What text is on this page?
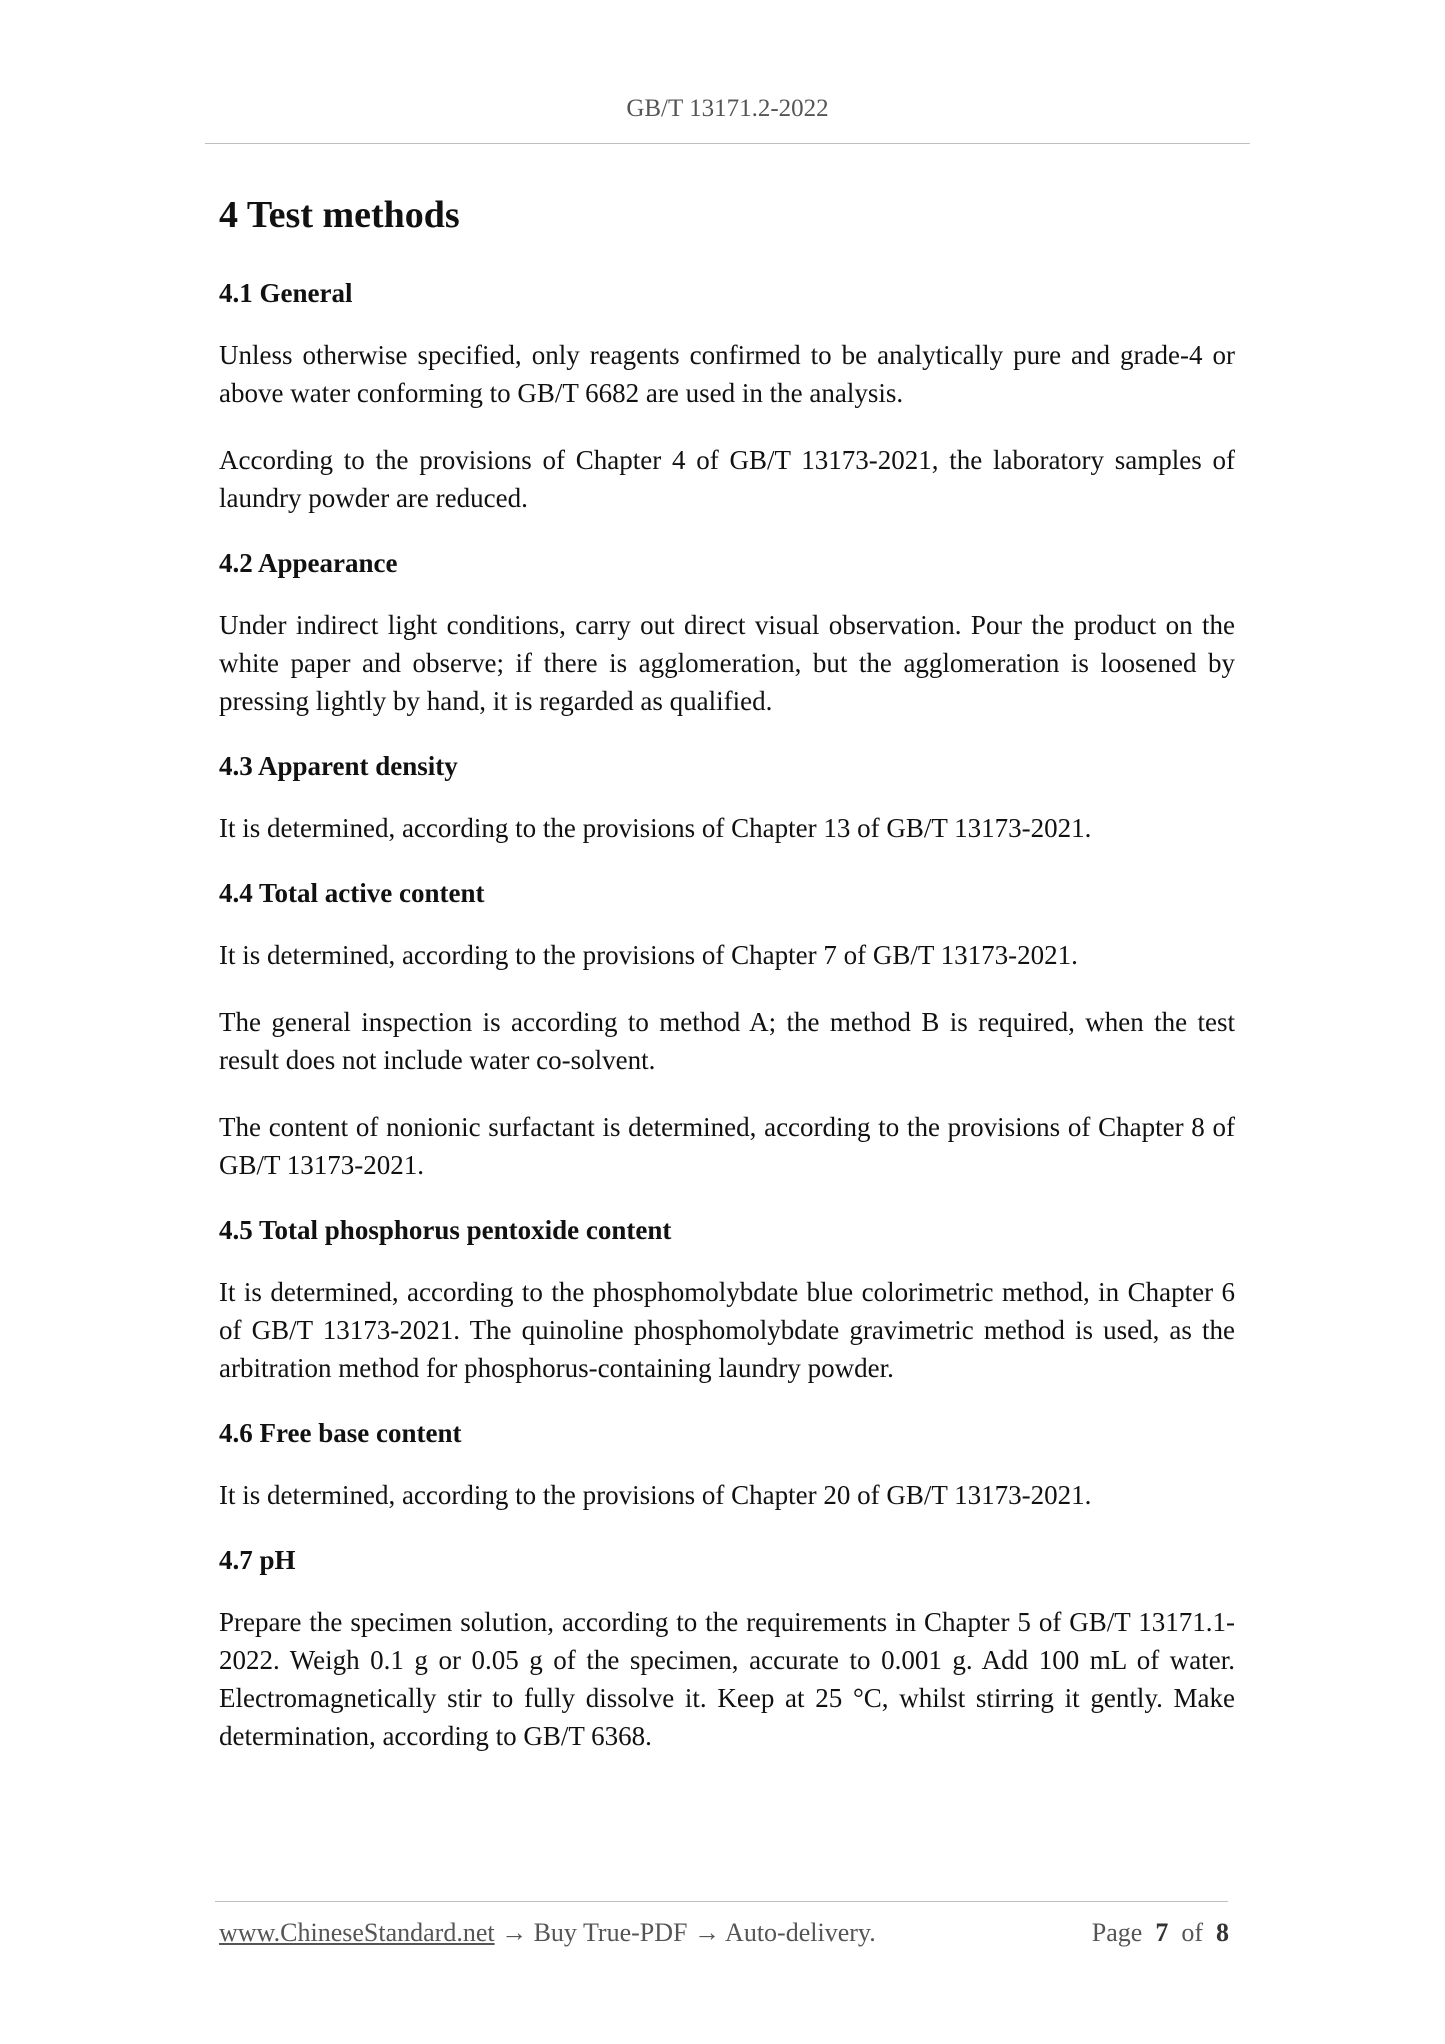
GB/T 13171.2-2022
4 Test methods
4.1 General

Unless otherwise specified, only reagents confirmed to be analytically pure and grade-4 or above water conforming to GB/T 6682 are used in the analysis.

According to the provisions of Chapter 4 of GB/T 13173-2021, the laboratory samples of laundry powder are reduced.

4.2 Appearance

Under indirect light conditions, carry out direct visual observation. Pour the product on the white paper and observe; if there is agglomeration, but the agglomeration is loosened by pressing lightly by hand, it is regarded as qualified.

4.3 Apparent density

It is determined, according to the provisions of Chapter 13 of GB/T 13173-2021.

4.4 Total active content

It is determined, according to the provisions of Chapter 7 of GB/T 13173-2021.

The general inspection is according to method A; the method B is required, when the test result does not include water co-solvent.

The content of nonionic surfactant is determined, according to the provisions of Chapter 8 of GB/T 13173-2021.

4.5 Total phosphorus pentoxide content

It is determined, according to the phosphomolybdate blue colorimetric method, in Chapter 6 of GB/T 13173-2021. The quinoline phosphomolybdate gravimetric method is used, as the arbitration method for phosphorus-containing laundry powder.

4.6 Free base content

It is determined, according to the provisions of Chapter 20 of GB/T 13173-2021.

4.7 pH

Prepare the specimen solution, according to the requirements in Chapter 5 of GB/T 13171.1-2022. Weigh 0.1 g or 0.05 g of the specimen, accurate to 0.001 g. Add 100 mL of water. Electromagnetically stir to fully dissolve it. Keep at 25 °C, whilst stirring it gently. Make determination, according to GB/T 6368.

www.ChineseStandard.net → Buy True-PDF → Auto-delivery.	Page 7 of 8
